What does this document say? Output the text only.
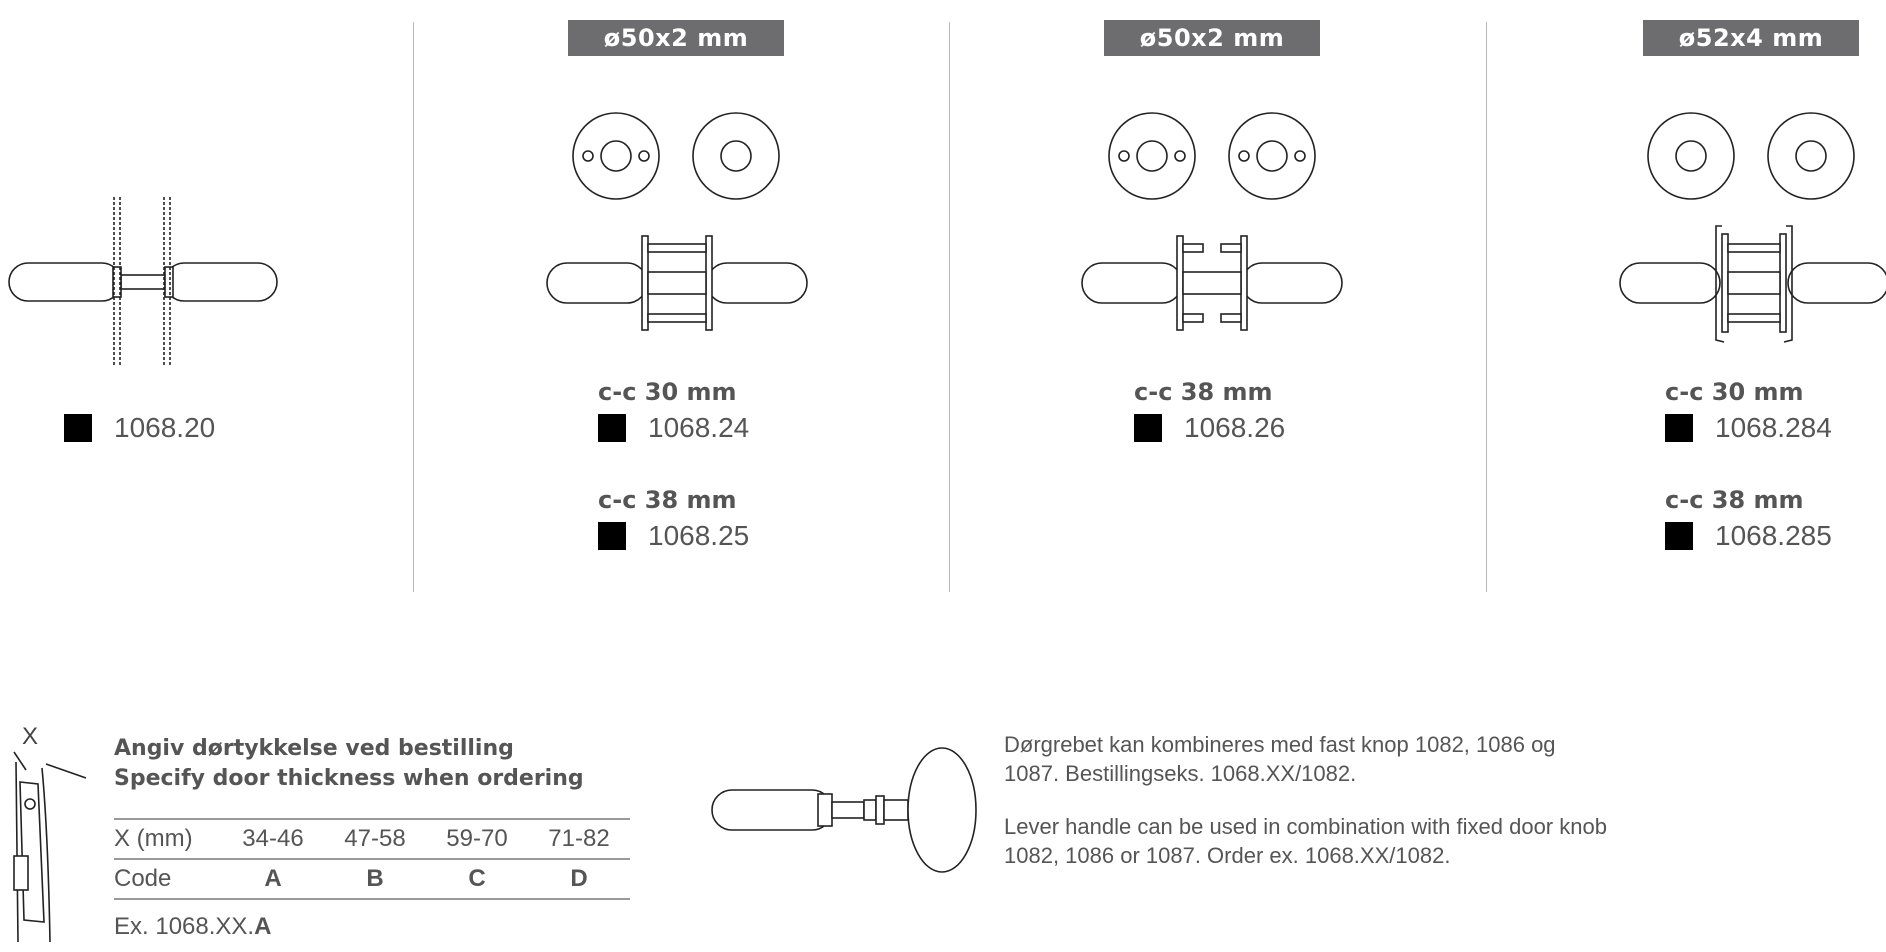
1068.20
ø50x2 mm
c-c 30 mm
1068.24
c-c 38 mm
1068.25
ø50x2 mm
c-c 38 mm
1068.26
ø52x4 mm
c-c 30 mm
1068.284
c-c 38 mm
1068.285
X	Angiv dørtykkelse ved bestilling
Specify door thickness when ordering
X (mm)	34-46	47-58	59-70	71-82
Code	A	B	C	D
Ex. 1068.XX.A
Dørgrebet kan kombineres med fast knop 1082, 1086 og 1087. Bestillingseks. 1068.XX/1082.
Lever handle can be used in combination with fixed door knob 1082, 1086 or 1087. Order ex. 1068.XX/1082.
